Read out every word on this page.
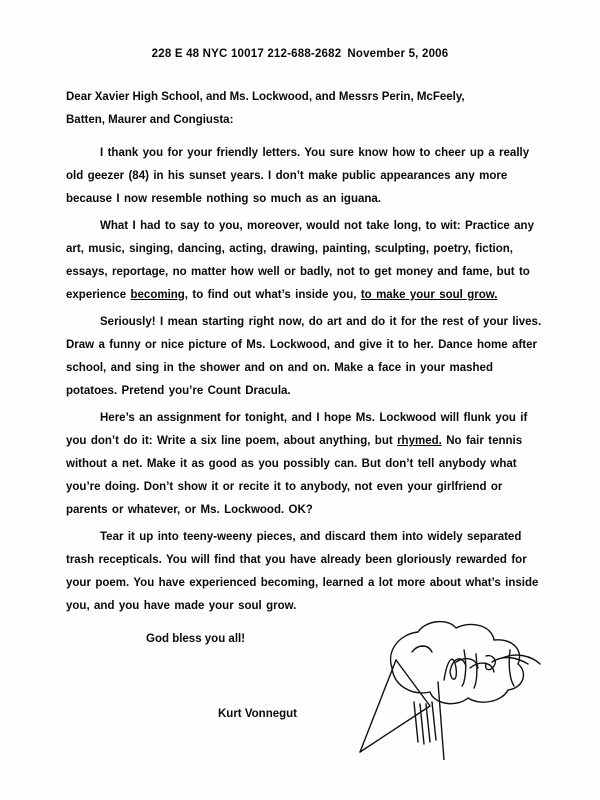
228 E 48 NYC 10017 212-688-2682 November 5, 2006
Dear Xavier High School, and Ms. Lockwood, and Messrs Perin, McFeely,
Batten, Maurer and Congiusta:

I thank you for your friendly letters. You sure know how to cheer up a really old geezer (84) in his sunset years. I don’t make public appearances any more because I now resemble nothing so much as an iguana.

What I had to say to you, moreover, would not take long, to wit: Practice any art, music, singing, dancing, acting, drawing, painting, sculpting, poetry, fiction, essays, reportage, no matter how well or badly, not to get money and fame, but to experience becoming, to find out what’s inside you, to make your soul grow.

Seriously! I mean starting right now, do art and do it for the rest of your lives. Draw a funny or nice picture of Ms. Lockwood, and give it to her. Dance home after school, and sing in the shower and on and on. Make a face in your mashed potatoes. Pretend you’re Count Dracula.

Here’s an assignment for tonight, and I hope Ms. Lockwood will flunk you if you don’t do it: Write a six line poem, about anything, but rhymed. No fair tennis without a net. Make it as good as you possibly can. But don’t tell anybody what you’re doing. Don’t show it or recite it to anybody, not even your girlfriend or parents or whatever, or Ms. Lockwood. OK?

Tear it up into teeny-weeny pieces, and discard them into widely separated trash recepticals. You will find that you have already been gloriously rewarded for your poem. You have experienced becoming, learned a lot more about what’s inside you, and you have made your soul grow.

God bless you all!

Kurt Vonnegut
